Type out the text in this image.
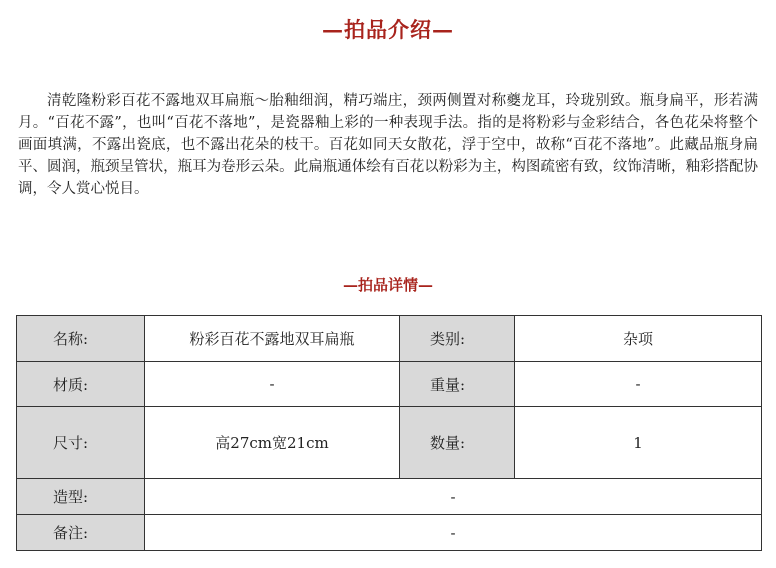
—拍品介绍—
清乾隆粉彩百花不露地双耳扁瓶～胎釉细润，精巧端庄，颈两侧置对称夔龙耳，玲珑别致。瓶身扁平，形若满月。“百花不露”，也叫“百花不落地”，是瓷器釉上彩的一种表现手法。指的是将粉彩与金彩结合，各色花朵将整个画面填满，不露出瓷底，也不露出花朵的枝干。百花如同天女散花，浮于空中，故称“百花不落地”。此藏品瓶身扁平、圆润，瓶颈呈管状，瓶耳为卷形云朵。此扁瓶通体绘有百花以粉彩为主，构图疏密有致，纹饰清晰，釉彩搭配协调，令人赏心悦目。
—拍品详情—
名称:	粉彩百花不露地双耳扁瓶	类别:	杂项
材质:	-	重量:	-
尺寸:	高27cm宽21cm	数量:	1
造型:	-		
备注:	-		
